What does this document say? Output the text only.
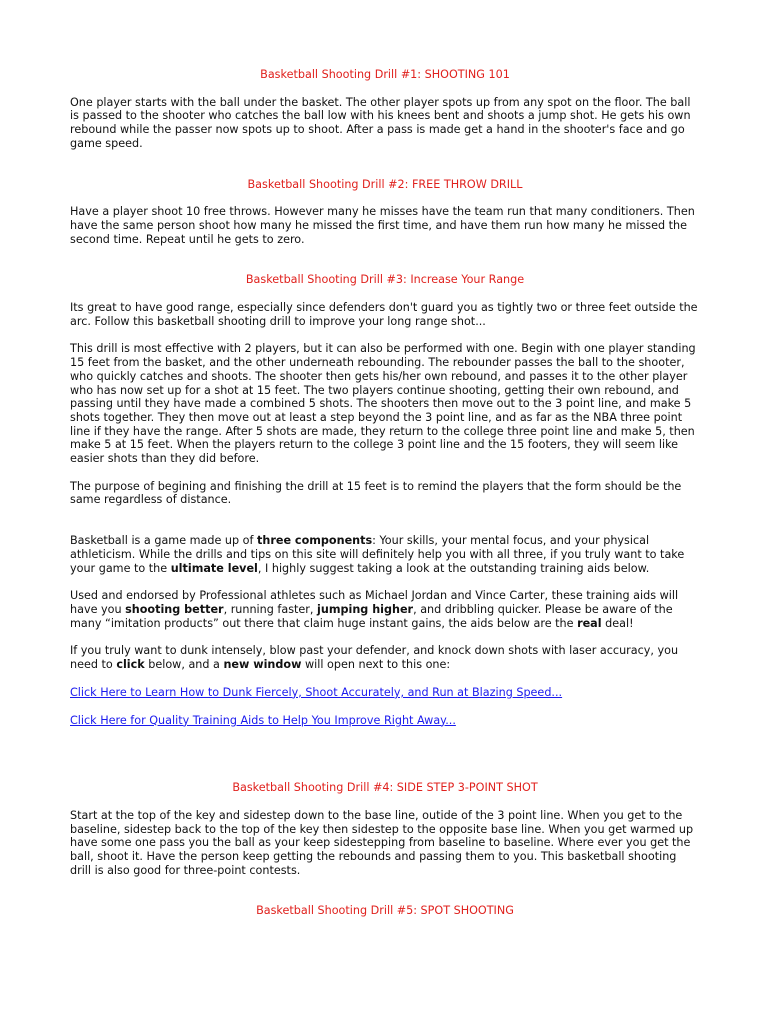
Basketball Shooting Drill #1: SHOOTING 101

One player starts with the ball under the basket. The other player spots up from any spot on the floor. The ball is passed to the shooter who catches the ball low with his knees bent and shoots a jump shot. He gets his own rebound while the passer now spots up to shoot. After a pass is made get a hand in the shooter's face and go game speed.

Basketball Shooting Drill #2: FREE THROW DRILL

Have a player shoot 10 free throws. However many he misses have the team run that many conditioners. Then have the same person shoot how many he missed the first time, and have them run how many he missed the second time. Repeat until he gets to zero.

Basketball Shooting Drill #3: Increase Your Range

Its great to have good range, especially since defenders don't guard you as tightly two or three feet outside the arc. Follow this basketball shooting drill to improve your long range shot...

This drill is most effective with 2 players, but it can also be performed with one. Begin with one player standing 15 feet from the basket, and the other underneath rebounding. The rebounder passes the ball to the shooter, who quickly catches and shoots. The shooter then gets his/her own rebound, and passes it to the other player who has now set up for a shot at 15 feet. The two players continue shooting, getting their own rebound, and passing until they have made a combined 5 shots. The shooters then move out to the 3 point line, and make 5 shots together. They then move out at least a step beyond the 3 point line, and as far as the NBA three point line if they have the range. After 5 shots are made, they return to the college three point line and make 5, then make 5 at 15 feet. When the players return to the college 3 point line and the 15 footers, they will seem like easier shots than they did before.

The purpose of begining and finishing the drill at 15 feet is to remind the players that the form should be the same regardless of distance.

Basketball is a game made up of three components: Your skills, your mental focus, and your physical athleticism. While the drills and tips on this site will definitely help you with all three, if you truly want to take your game to the ultimate level, I highly suggest taking a look at the outstanding training aids below.

Used and endorsed by Professional athletes such as Michael Jordan and Vince Carter, these training aids will have you shooting better, running faster, jumping higher, and dribbling quicker. Please be aware of the many “imitation products” out there that claim huge instant gains, the aids below are the real deal!

If you truly want to dunk intensely, blow past your defender, and knock down shots with laser accuracy, you need to click below, and a new window will open next to this one:

Click Here to Learn How to Dunk Fiercely, Shoot Accurately, and Run at Blazing Speed...

Click Here for Quality Training Aids to Help You Improve Right Away...

Basketball Shooting Drill #4: SIDE STEP 3-POINT SHOT

Start at the top of the key and sidestep down to the base line, outide of the 3 point line. When you get to the baseline, sidestep back to the top of the key then sidestep to the opposite base line. When you get warmed up have some one pass you the ball as your keep sidestepping from baseline to baseline. Where ever you get the ball, shoot it. Have the person keep getting the rebounds and passing them to you. This basketball shooting drill is also good for three-point contests.

Basketball Shooting Drill #5: SPOT SHOOTING
